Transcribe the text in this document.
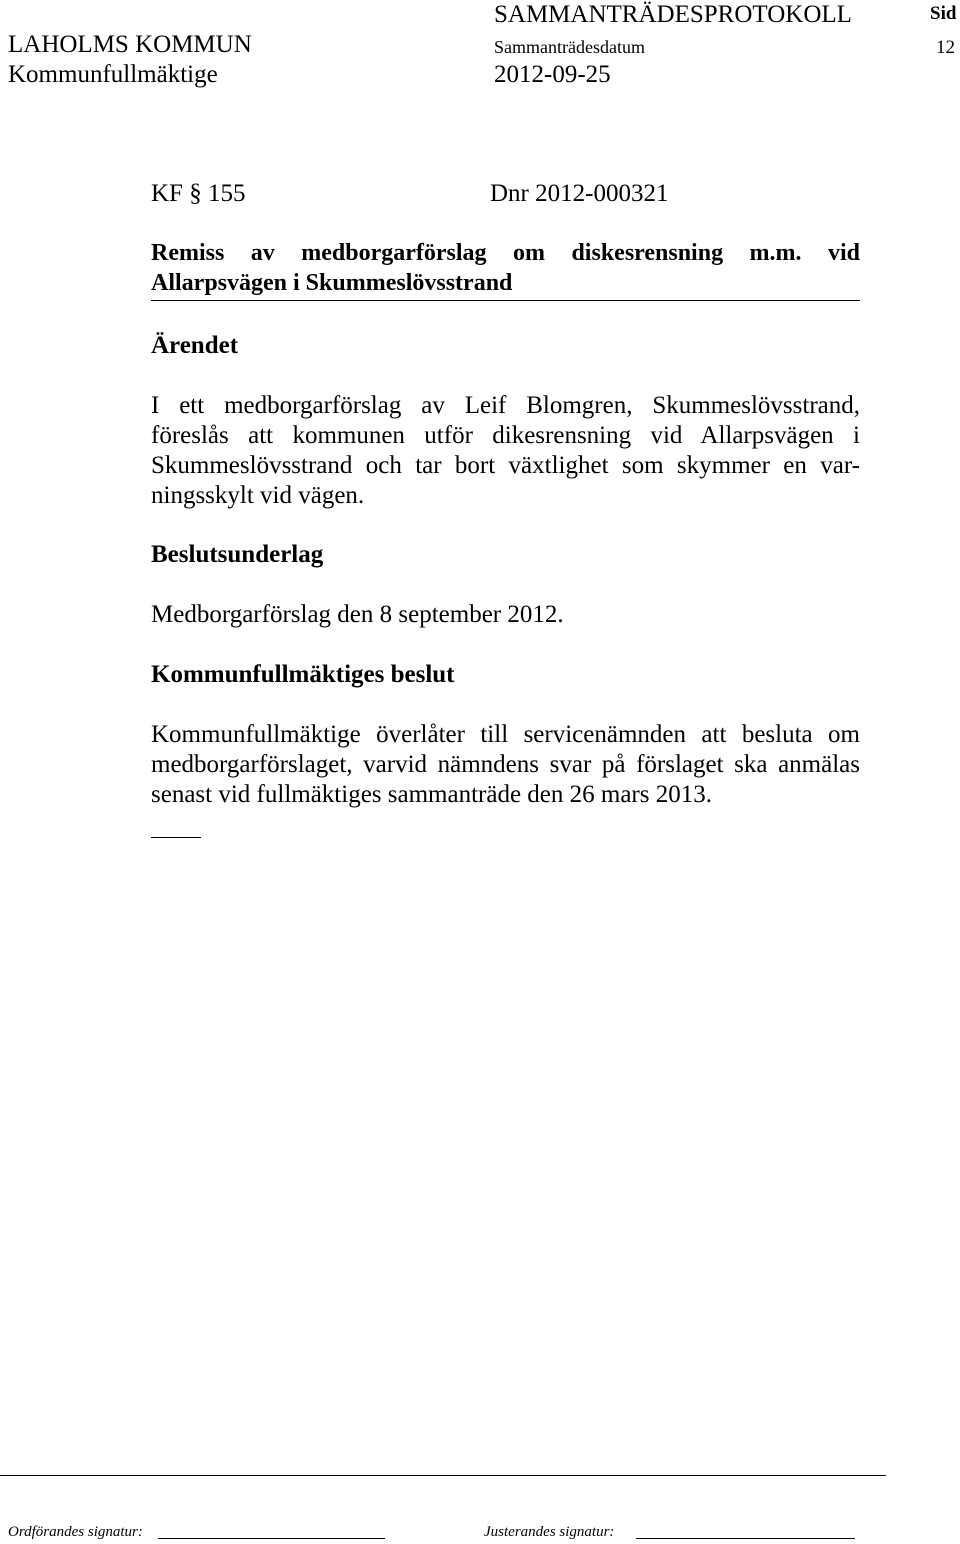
LAHOLMS KOMMUN
Kommunfullmäktige
SAMMANTRÄDESPROTOKOLL
Sammanträdesdatum
2012-09-25
Sid
12
KF § 155	Dnr 2012-000321
Remiss av medborgarförslag om diskesrensning m.m. vid Allarpsvägen i Skummeslövsstrand
Ärendet
I ett medborgarförslag av Leif Blomgren, Skummeslövsstrand, föreslås att kommunen utför dikesrensning vid Allarpsvägen i Skummeslövsstrand och tar bort växtlighet som skymmer en var-ningsskylt vid vägen.
Beslutsunderlag
Medborgarförslag den 8 september 2012.
Kommunfullmäktiges beslut
Kommunfullmäktige överlåter till servicenämnden att besluta om medborgarförslaget, varvid nämndens svar på förslaget ska anmälas senast vid fullmäktiges sammanträde den 26 mars 2013.
Ordförandes signatur:	Justerandes signatur:
